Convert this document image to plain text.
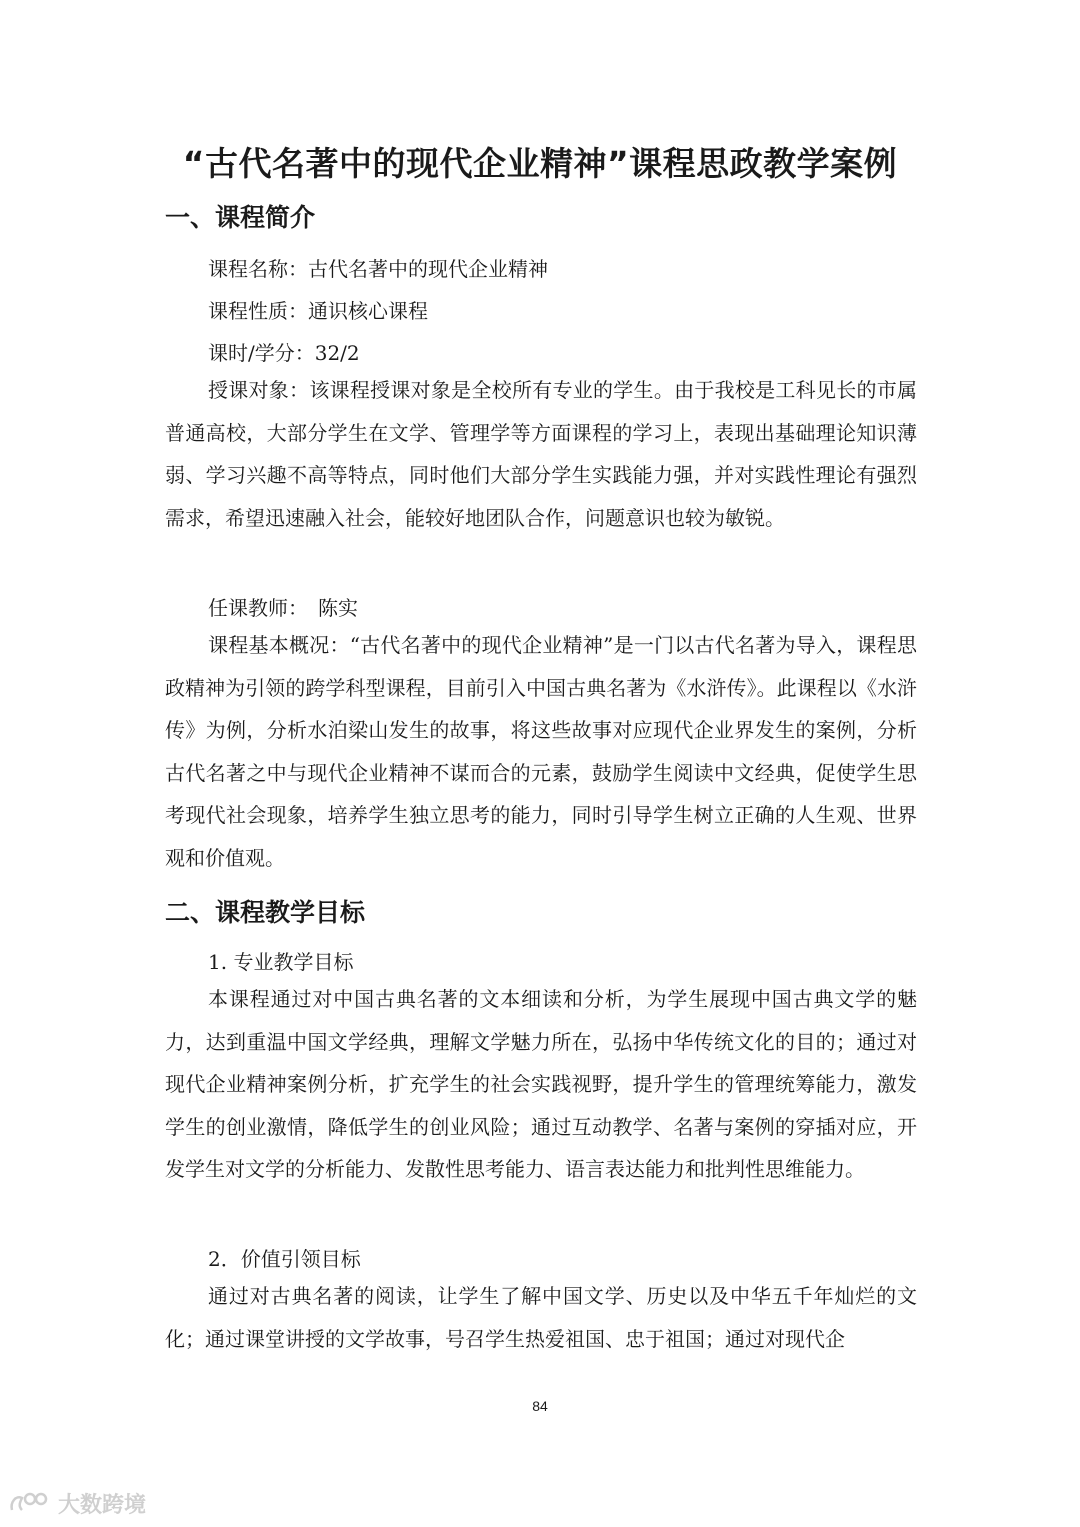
“古代名著中的现代企业精神”课程思政教学案例
一、课程简介
课程名称：古代名著中的现代企业精神
课程性质：通识核心课程
课时/学分：32/2

授课对象：该课程授课对象是全校所有专业的学生。由于我校是工科见长的市属普通高校，大部分学生在文学、管理学等方面课程的学习上，表现出基础理论知识薄弱、学习兴趣不高等特点，同时他们大部分学生实践能力强，并对实践性理论有强烈需求，希望迅速融入社会，能较好地团队合作，问题意识也较为敏锐。

任课教师：　陈实

课程基本概况：“古代名著中的现代企业精神”是一门以古代名著为导入，课程思政精神为引领的跨学科型课程，目前引入中国古典名著为《水浒传》。此课程以《水浒传》为例，分析水泊梁山发生的故事，将这些故事对应现代企业界发生的案例，分析古代名著之中与现代企业精神不谋而合的元素，鼓励学生阅读中文经典，促使学生思考现代社会现象，培养学生独立思考的能力，同时引导学生树立正确的人生观、世界观和价值观。

二、课程教学目标
1. 专业教学目标

本课程通过对中国古典名著的文本细读和分析，为学生展现中国古典文学的魅力，达到重温中国文学经典，理解文学魅力所在，弘扬中华传统文化的目的；通过对现代企业精神案例分析，扩充学生的社会实践视野，提升学生的管理统筹能力，激发学生的创业激情，降低学生的创业风险；通过互动教学、名著与案例的穿插对应，开发学生对文学的分析能力、发散性思考能力、语言表达能力和批判性思维能力。

2．价值引领目标

通过对古典名著的阅读，让学生了解中国文学、历史以及中华五千年灿烂的文化；通过课堂讲授的文学故事，号召学生热爱祖国、忠于祖国；通过对现代企

84
大数跨境
